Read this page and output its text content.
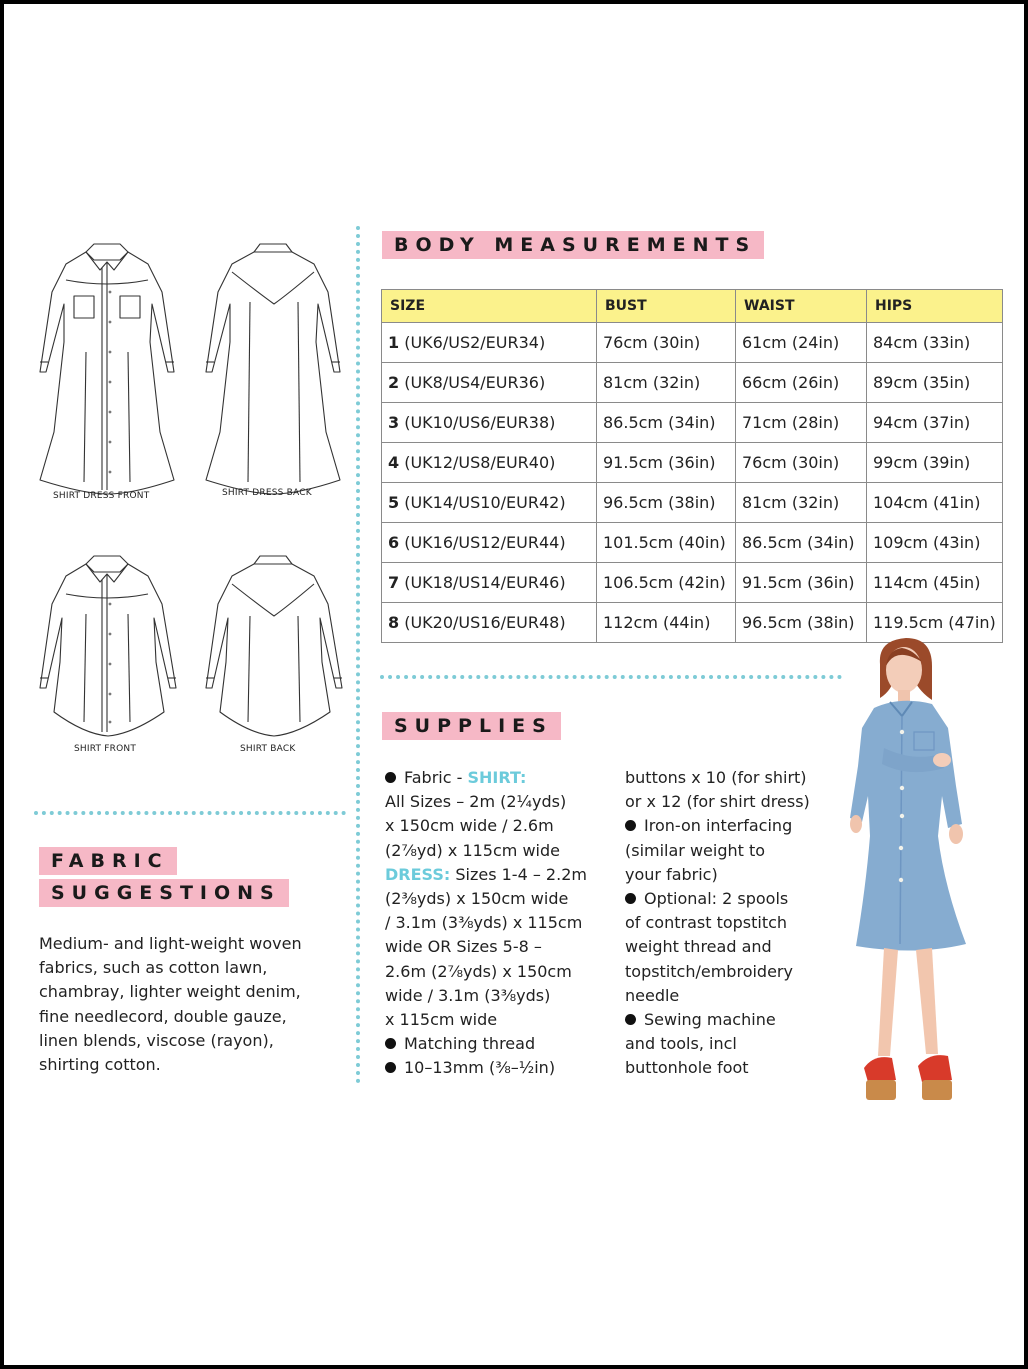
SHIRT DRESS FRONT	SHIRT DRESS BACK
SHIRT FRONT	SHIRT BACK
BODY MEASUREMENTS
SIZE	BUST	WAIST	HIPS
1 (UK6/US2/EUR34)	76cm (30in)	61cm (24in)	84cm (33in)
2 (UK8/US4/EUR36)	81cm (32in)	66cm (26in)	89cm (35in)
3 (UK10/US6/EUR38)	86.5cm (34in)	71cm (28in)	94cm (37in)
4 (UK12/US8/EUR40)	91.5cm (36in)	76cm (30in)	99cm (39in)
5 (UK14/US10/EUR42)	96.5cm (38in)	81cm (32in)	104cm (41in)
6 (UK16/US12/EUR44)	101.5cm (40in)	86.5cm (34in)	109cm (43in)
7 (UK18/US14/EUR46)	106.5cm (42in)	91.5cm (36in)	114cm (45in)
8 (UK20/US16/EUR48)	112cm (44in)	96.5cm (38in)	119.5cm (47in)
SUPPLIES
Fabric - SHIRT:
All Sizes – 2m (2¼yds)
x 150cm wide / 2.6m
(2⅞yd) x 115cm wide
DRESS: Sizes 1-4 – 2.2m
(2⅜yds) x 150cm wide
/ 3.1m (3⅜yds) x 115cm
wide OR Sizes 5-8 –
2.6m (2⅞yds) x 150cm
wide / 3.1m (3⅜yds)
x 115cm wide
Matching thread
10–13mm (⅜–½in)
buttons x 10 (for shirt)
or x 12 (for shirt dress)
Iron-on interfacing
(similar weight to
your fabric)
Optional: 2 spools
of contrast topstitch
weight thread and
topstitch/embroidery
needle
Sewing machine
and tools, incl
buttonhole foot
FABRIC
SUGGESTIONS
Medium- and light-weight woven
fabrics, such as cotton lawn,
chambray, lighter weight denim,
fine needlecord, double gauze,
linen blends, viscose (rayon),
shirting cotton.
